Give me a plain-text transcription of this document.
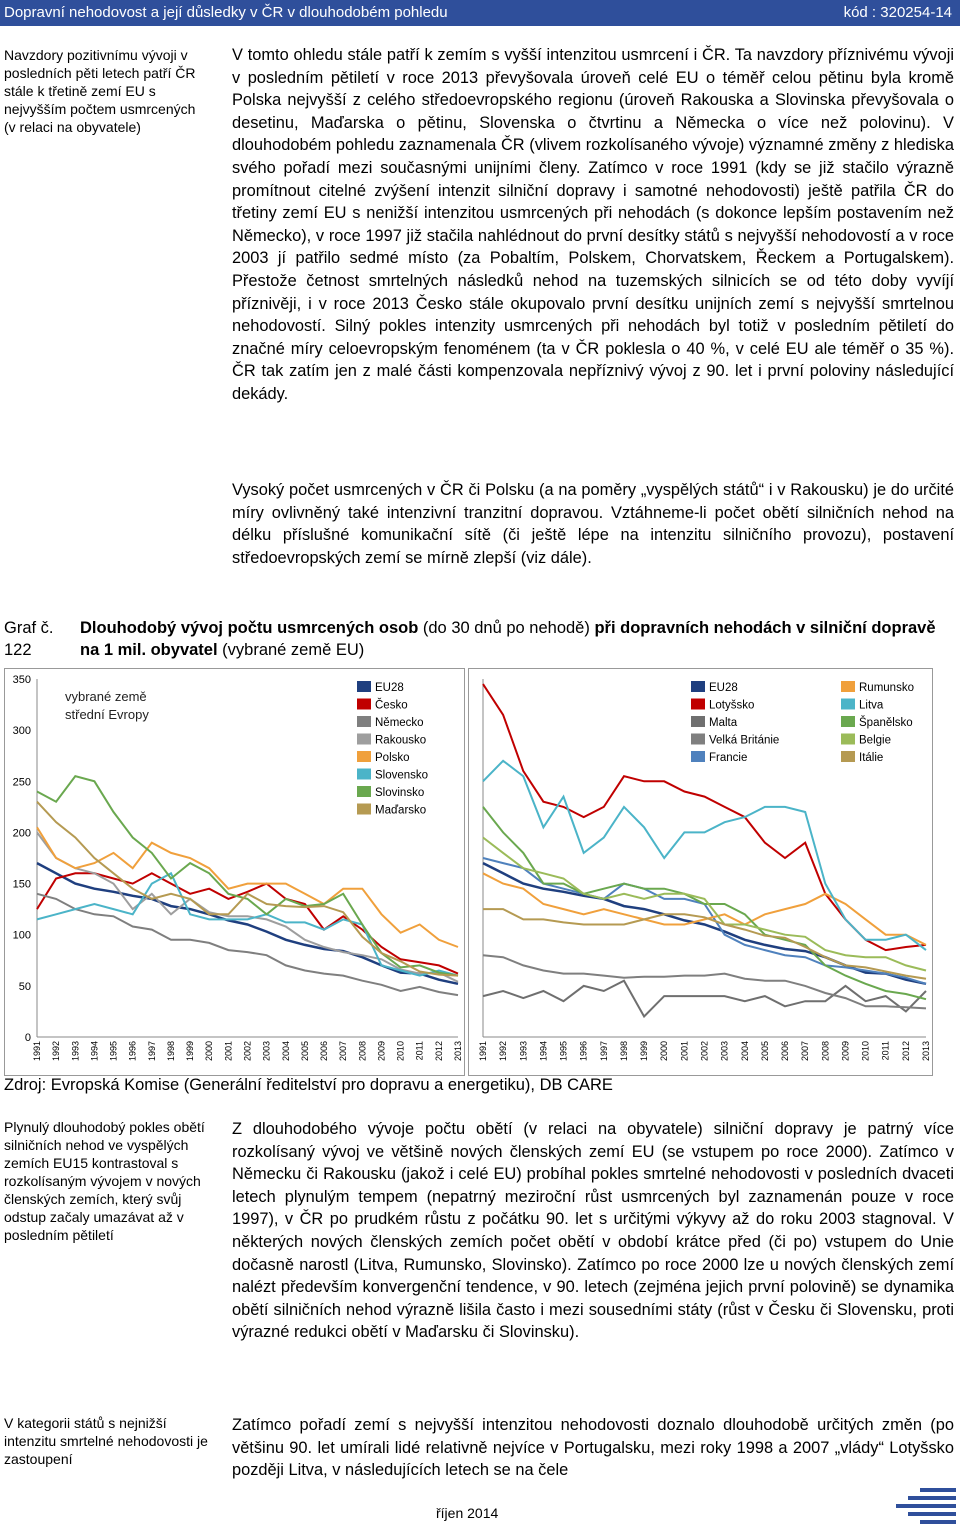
Dopravní nehodovost a její důsledky v ČR v dlouhodobém pohledu	kód : 320254-14
Navzdory pozitivnímu vývoji v posledních pěti letech patří ČR stále k třetině zemí EU s nejvyšším počtem usmrcených (v relaci na obyvatele)
Plynulý dlouhodobý pokles obětí silničních nehod ve vyspělých zemích EU15 kontrastoval s rozkolísaným vývojem v nových členských zemích, který svůj odstup začaly umazávat až v posledním pětiletí
V kategorii států s nejnižší intenzitu smrtelné nehodovosti je zastoupení

V tomto ohledu stále patří k zemím s vyšší intenzitou usmrcení i ČR. Ta navzdory příznivému vývoji v posledním pětiletí v roce 2013 převyšovala úroveň celé EU o téměř celou pětinu byla kromě Polska nejvyšší z celého středoevropského regionu (úroveň Rakouska a Slovinska převyšovala o desetinu, Maďarska o pětinu, Slovenska o čtvrtinu a Německa o více než polovinu). V dlouhodobém pohledu zaznamenala ČR (vlivem rozkolísaného vývoje) významné změny z hlediska svého pořadí mezi současnými unijními členy. Zatímco v roce 1991 (kdy se již stačilo výrazně promítnout citelné zvýšení intenzit silniční dopravy i samotné nehodovosti) ještě patřila ČR do třetiny zemí EU s nenižší intenzitou usmrcených při nehodách (s dokonce lepším postavením než Německo), v roce 1997 již stačila nahlédnout do první desítky států s nejvyšší nehodovostí a v roce 2003 jí patřilo sedmé místo (za Pobaltím, Polskem, Chorvatskem, Řeckem a Portugalskem). Přestože četnost smrtelných následků nehod na tuzemských silnicích se od této doby vyvíjí příznivěji, i v roce 2013 Česko stále okupovalo první desítku unijních zemí s nejvyšší smrtelnou nehodovostí. Silný pokles intenzity usmrcených při nehodách byl totiž v posledním pětiletí do značné míry celoevropským fenoménem (ta v ČR poklesla o 40 %, v celé EU ale téměř o 35 %). ČR tak zatím jen z malé části kompenzovala nepříznivý vývoj z 90. let i první poloviny následující dekády.

Vysoký počet usmrcených v ČR či Polsku (a na poměry „vyspělých států“ i v Rakousku) je do určité míry ovlivněný také intenzivní tranzitní dopravou. Vztáhneme-li počet obětí silničních nehod na délku příslušné komunikační sítě (či ještě lépe na intenzitu silničního provozu), postavení středoevropských zemí se mírně zlepší (viz dále).

Z dlouhodobého vývoje počtu obětí (v relaci na obyvatele) silniční dopravy je patrný více rozkolísaný vývoj ve většině nových členských zemí EU (se vstupem po roce 2000). Zatímco v Německu či Rakousku (jakož i celé EU) probíhal pokles smrtelné nehodovosti v posledních dvaceti letech plynulým tempem (nepatrný meziroční růst usmrcených byl zaznamenán pouze v roce 1997), v ČR po prudkém růstu z počátku 90. let s určitými výkyvy až do roku 2003 stagnoval. V některých nových členských zemích počet obětí v období krátce před (či po) vstupem do Unie dočasně narostl (Litva, Rumunsko, Slovinsko). Zatímco po roce 2000 lze u nových členských zemí nalézt především konvergenční tendence, v 90. letech (zejména jejich první polovině) se dynamika obětí silničních nehod výrazně lišila často i mezi sousedními státy (růst v Česku či Slovensku, proti výrazné redukci obětí v Maďarsku či Slovinsku).

Zatímco pořadí zemí s nejvyšší intenzitou nehodovosti doznalo dlouhodobě určitých změn (po většinu 90. let umírali lidé relativně nejvíce v Portugalsku, mezi roky 1998 a 2007 „vlády“ Lotyšsko později Litva, v následujících letech se na čele

Graf č.
122
Dlouhodobý vývoj počtu usmrcených osob (do 30 dnů po nehodě) při dopravních nehodách v silniční dopravě na 1 mil. obyvatel (vybrané země EU)
0
50
100
150
200
250
300
350
1991 1992 1993 1994 1995 1996 1997 1998 1999 2000 2001 2002 2003 2004 2005 2006 2007 2008 2009 2010 2011 2012 2013
vybrané země
střední Evropy
EU28
Česko
Německo
Rakousko
Polsko
Slovensko
Slovinsko
Maďarsko
1991 1992 1993 1994 1995 1996 1997 1998 1999 2000 2001 2002 2003 2004 2005 2006 2007 2008 2009 2010 2011 2012 2013
EU28
Lotyšsko
Malta
Velká Británie
Francie
Rumunsko
Litva
Španělsko
Belgie
Itálie
Zdroj: Evropská Komise (Generální ředitelství pro dopravu a energetiku), DB CARE
říjen 2014
